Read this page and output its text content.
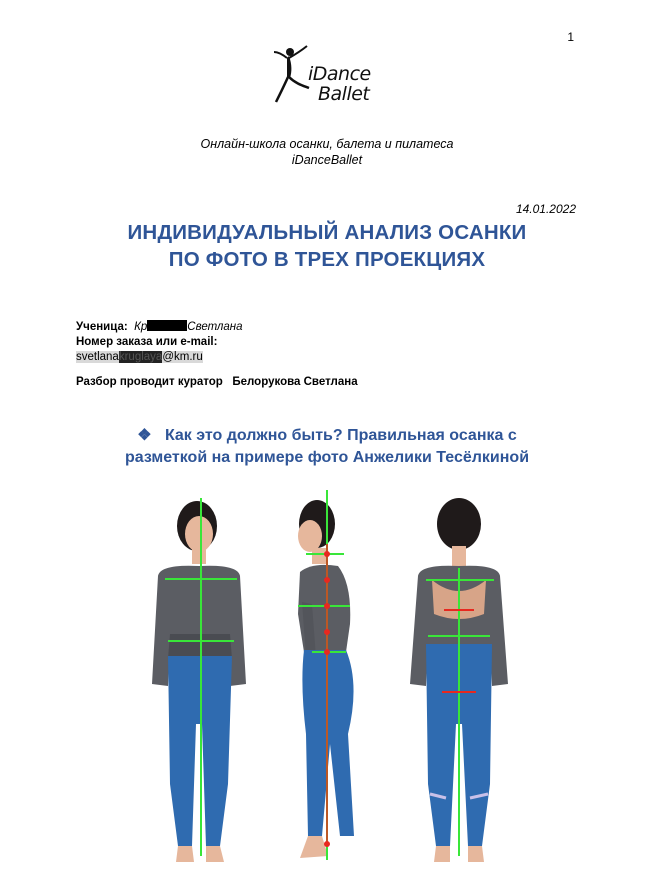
1
iDance
Ballet
Онлайн-школа осанки, балета и пилатеса
iDanceBallet
14.01.2022
ИНДИВИДУАЛЬНЫЙ АНАЛИЗ ОСАНКИ
ПО ФОТО В ТРЕХ ПРОЕКЦИЯХ
Ученица: Кр	Светлана
Номер заказа или e-mail:
svetlanakruglaya@km.ru
Разбор проводит куратор Белорукова Светлана
❖ Как это должно быть? Правильная осанка с
разметкой на примере фото Анжелики Тесёлкиной
